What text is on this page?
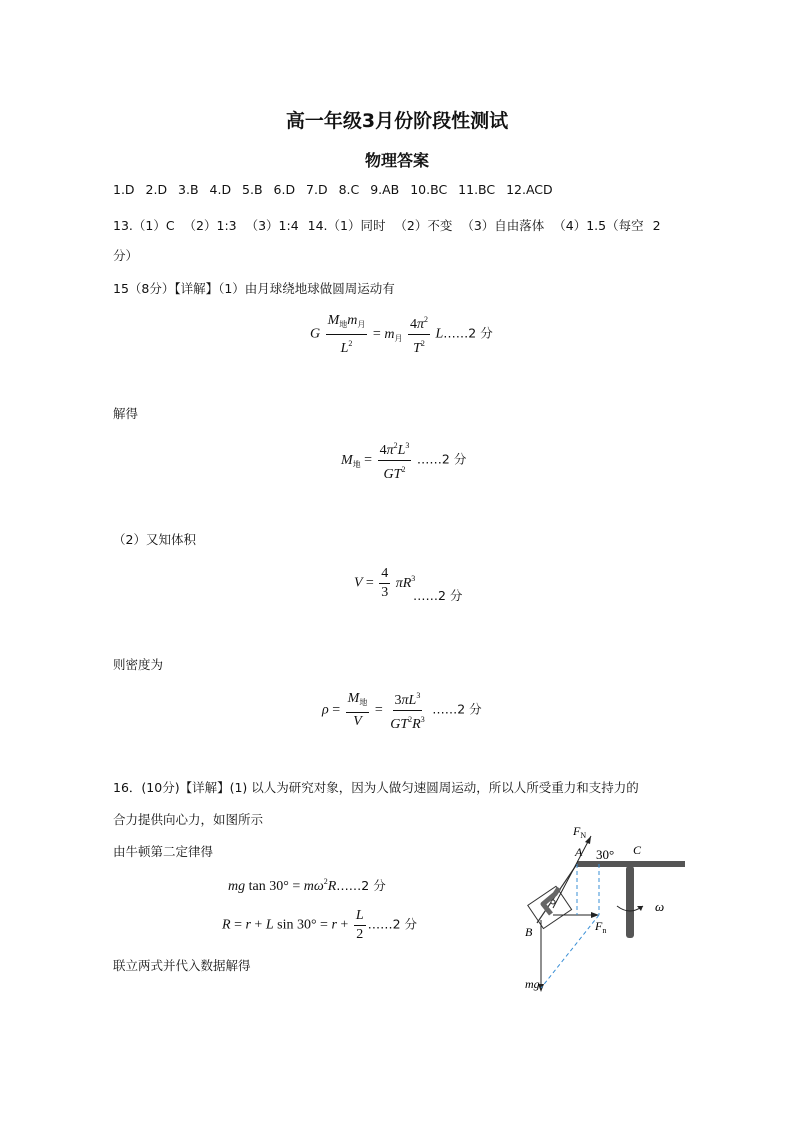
高一年级3月份阶段性测试
物理答案
1.D 2.D 3.B 4.D 5.B 6.D 7.D 8.C 9.AB 10.BC 11.BC 12.ACD
13.（1）C （2）1:3 （3）1:4 14.（1）同时 （2）不变 （3）自由落体 （4）1.5（每空 2
分）
15（8分）【详解】（1）由月球绕地球做圆周运动有
G $\frac{M_地m_月}{L^2} = m_月 \frac{4\pi^2}{T^2}$ L……2 分
解得
$M_地 = \frac{4\pi^2L^3}{GT^2}$ ……2 分
（2）又知体积
$V = \frac{4}{3} \pi R^3$
……2 分
则密度为
$\rho = \frac{M_地}{V} = \frac{3\pi L^3}{GT^2R^3}$ ……2 分
16．(10分)【详解】(1) 以人为研究对象，因为人做匀速圆周运动，所以人所受重力和支持力的
合力提供向心力，如图所示
由牛顿第二定律得
mg $\tan 30^\circ = m\omega^2R\dots\dots 2$ 分
R = r + L $\sin 30^\circ = r + \frac{L}{2}$ ……2 分
联立两式并代入数据解得
$F_N$
A 30° C
ω
B	$F_n$
mg
